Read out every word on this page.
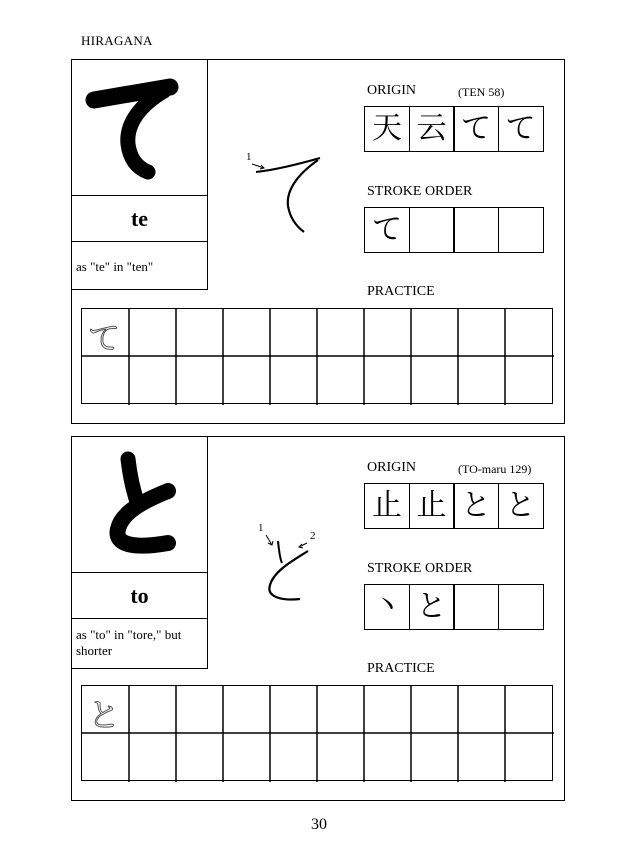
HIRAGANA
te
as "te" in "ten"
1
ORIGIN	(TEN 58)
天 云 て て
STROKE ORDER
て
PRACTICE
て
to
as "to" in "tore," but shorter
1
2
ORIGIN	(TO-maru 129)
止 止 と と
STROKE ORDER
丶 と
PRACTICE
と
30
